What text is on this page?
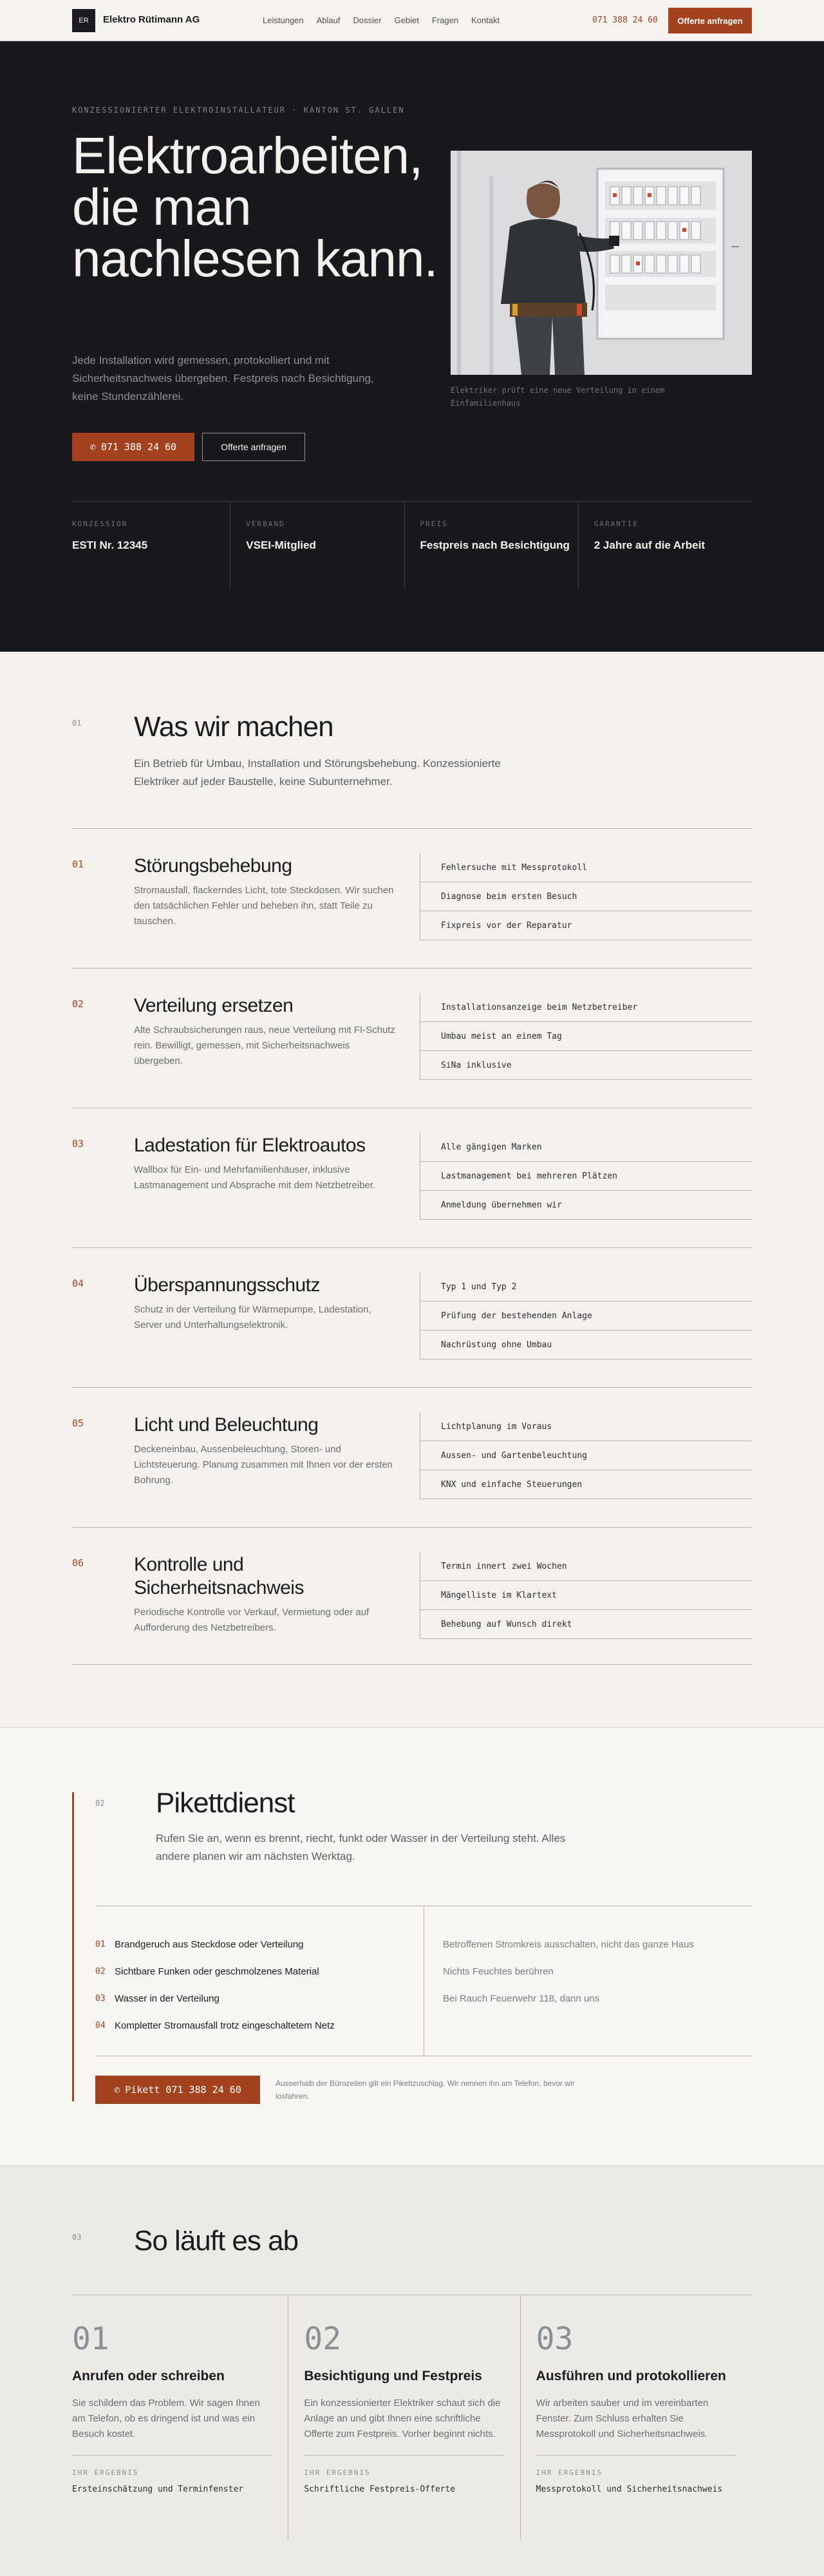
ER	Elektro Rütimann AG	Leistungen Ablauf Dossier Gebiet Fragen Kontakt	071 388 24 60	Offerte anfragen
KONZESSIONIERTER ELEKTROINSTALLATEUR · KANTON ST. GALLEN
Elektroarbeiten, die man nachlesen kann.
Jede Installation wird gemessen, protokolliert und mit Sicherheitsnachweis übergeben. Festpreis nach Besichtigung, keine Stundenzählerei.
✆ 071 388 24 60	Offerte anfragen
Elektriker prüft eine neue Verteilung in einem Einfamilienhaus
KONZESSION
ESTI Nr. 12345
VERBAND
VSEI-Mitglied
PREIS
Festpreis nach Besichtigung
GARANTIE
2 Jahre auf die Arbeit
01 Was wir machen
Ein Betrieb für Umbau, Installation und Störungsbehebung. Konzessionierte Elektriker auf jeder Baustelle, keine Subunternehmer.
01	Störungsbehebung
Stromausfall, flackerndes Licht, tote Steckdosen. Wir suchen den tatsächlichen Fehler und beheben ihn, statt Teile zu tauschen.
Fehlersuche mit Messprotokoll
Diagnose beim ersten Besuch
Fixpreis vor der Reparatur
02	Verteilung ersetzen
Alte Schraubsicherungen raus, neue Verteilung mit FI-Schutz rein. Bewilligt, gemessen, mit Sicherheitsnachweis übergeben.
Installationsanzeige beim Netzbetreiber
Umbau meist an einem Tag
SiNa inklusive
03	Ladestation für Elektroautos
Wallbox für Ein- und Mehrfamilienhäuser, inklusive Lastmanagement und Absprache mit dem Netzbetreiber.
Alle gängigen Marken
Lastmanagement bei mehreren Plätzen
Anmeldung übernehmen wir
04	Überspannungsschutz
Schutz in der Verteilung für Wärmepumpe, Ladestation, Server und Unterhaltungselektronik.
Typ 1 und Typ 2
Prüfung der bestehenden Anlage
Nachrüstung ohne Umbau
05	Licht und Beleuchtung
Deckeneinbau, Aussenbeleuchtung, Storen- und Lichtsteuerung. Planung zusammen mit Ihnen vor der ersten Bohrung.
Lichtplanung im Voraus
Aussen- und Gartenbeleuchtung
KNX und einfache Steuerungen
06	Kontrolle und Sicherheitsnachweis
Periodische Kontrolle vor Verkauf, Vermietung oder auf Aufforderung des Netzbetreibers.
Termin innert zwei Wochen
Mängelliste im Klartext
Behebung auf Wunsch direkt
02 Pikettdienst
Rufen Sie an, wenn es brennt, riecht, funkt oder Wasser in der Verteilung steht. Alles andere planen wir am nächsten Werktag.
01 Brandgeruch aus Steckdose oder Verteilung
02 Sichtbare Funken oder geschmolzenes Material
03 Wasser in der Verteilung
04 Kompletter Stromausfall trotz eingeschaltetem Netz
Betroffenen Stromkreis ausschalten, nicht das ganze Haus
Nichts Feuchtes berühren
Bei Rauch Feuerwehr 118, dann uns
✆ Pikett 071 388 24 60
Ausserhalb der Bürozeiten gilt ein Pikettzuschlag. Wir nennen ihn am Telefon, bevor wir losfahren.
03 So läuft es ab
01
Anrufen oder schreiben

Sie schildern das Problem. Wir sagen Ihnen am Telefon, ob es dringend ist und was ein Besuch kostet.

IHR ERGEBNIS
Ersteinschätzung und Terminfenster
02
Besichtigung und Festpreis

Ein konzessionierter Elektriker schaut sich die Anlage an und gibt Ihnen eine schriftliche Offerte zum Festpreis. Vorher beginnt nichts.

IHR ERGEBNIS
Schriftliche Festpreis-Offerte
03
Ausführen und protokollieren

Wir arbeiten sauber und im vereinbarten Fenster. Zum Schluss erhalten Sie Messprotokoll und Sicherheitsnachweis.

IHR ERGEBNIS
Messprotokoll und Sicherheitsnachweis
